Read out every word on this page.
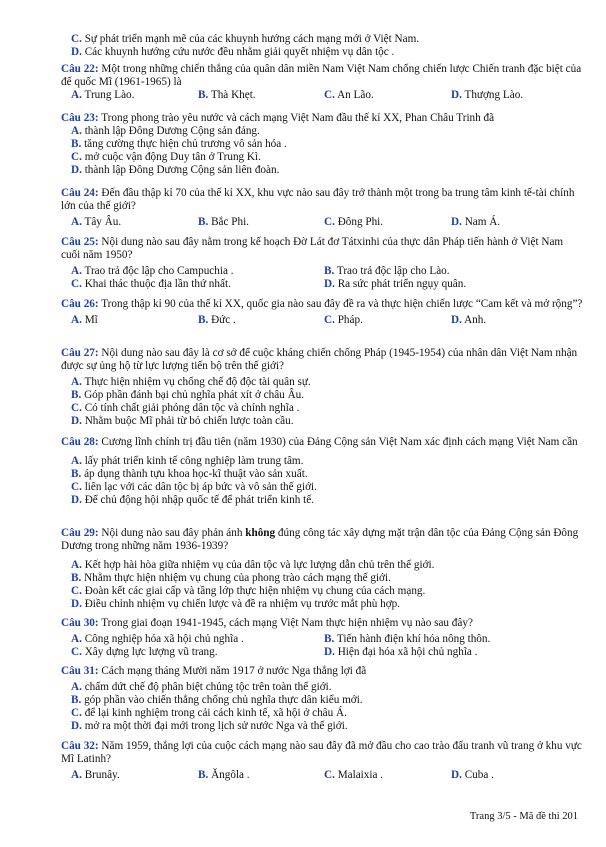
C. Sự phát triển mạnh mẽ của các khuynh hướng cách mạng mới ở Việt Nam.
D. Các khuynh hướng cứu nước đều nhằm giải quyết nhiệm vụ dân tộc .

Câu 22: Một trong những chiến thắng của quân dân miền Nam Việt Nam chống chiến lược Chiến tranh đặc biệt của đế quốc Mĩ (1961-1965) là

A. Trung Lào.	B. Thà Khẹt.	C. An Lão.	D. Thượng Lào.

Câu 23: Trong phong trào yêu nước và cách mạng Việt Nam đầu thế kỉ XX, Phan Châu Trinh đã

A. thành lập Đông Dương Cộng sản đảng.
B. tăng cường thực hiện chủ trương vô sản hóa .
C. mở cuộc vận động Duy tân ở Trung Kì.
D. thành lập Đông Dương Cộng sản liên đoàn.

Câu 24: Đến đầu thập kỉ 70 của thế kỉ XX, khu vực nào sau đây trở thành một trong ba trung tâm kinh tế-tài chính lớn của thế giới?

A. Tây Âu.	B. Bắc Phi.	C. Đông Phi.	D. Nam Á.

Câu 25: Nội dung nào sau đây nằm trong kế hoạch Đờ Lát đơ Tátxinhi của thực dân Pháp tiến hành ở Việt Nam cuối năm 1950?

A. Trao trả độc lập cho Campuchia .	B. Trao trả độc lập cho Lào.
C. Khai thác thuộc địa lần thứ nhất.	D. Ra sức phát triển ngụy quân.

Câu 26: Trong thập kỉ 90 của thế kỉ XX, quốc gia nào sau đây đề ra và thực hiện chiến lược “Cam kết và mở rộng”?

A. Mĩ	B. Đức .	C. Pháp.	D. Anh.

Câu 27: Nội dung nào sau đây là cơ sở để cuộc kháng chiến chống Pháp (1945-1954) của nhân dân Việt Nam nhận được sự ủng hộ từ lực lượng tiến bộ trên thế giới?

A. Thực hiện nhiệm vụ chống chế độ độc tài quân sự.
B. Góp phần đánh bại chủ nghĩa phát xít ở châu Âu.
C. Có tính chất giải phóng dân tộc và chính nghĩa .
D. Nhằm buộc Mĩ phải từ bỏ chiến lược toàn cầu.

Câu 28: Cương lĩnh chính trị đầu tiên (năm 1930) của Đảng Cộng sản Việt Nam xác định cách mạng Việt Nam cần

A. lấy phát triển kinh tế công nghiệp làm trung tâm.
B. áp dụng thành tựu khoa học-kĩ thuật vào sản xuất.
C. liên lạc với các dân tộc bị áp bức và vô sản thế giới.
D. Để chủ động hội nhập quốc tế để phát triển kinh tế.

Câu 29: Nội dung nào sau đây phản ánh không đúng công tác xây dựng mặt trận dân tộc của Đảng Cộng sản Đông Dương trong những năm 1936-1939?

A. Kết hợp hài hòa giữa nhiệm vụ của dân tộc và lực lượng dẫn chủ trên thế giới.
B. Nhằm thực hiện nhiệm vụ chung của phong trào cách mạng thế giới.
C. Đoàn kết các giai cấp và tầng lớp thực hiện nhiệm vụ chung của cách mạng.
D. Điều chỉnh nhiệm vụ chiến lược và đề ra nhiệm vụ trước mắt phù hợp.

Câu 30: Trong giai đoạn 1941-1945, cách mạng Việt Nam thực hiện nhiệm vụ nào sau đây?

A. Công nghiệp hóa xã hội chủ nghĩa .	B. Tiến hành điện khí hóa nông thôn.
C. Xây dựng lực lượng vũ trang.	D. Hiện đại hóa xã hội chủ nghĩa .

Câu 31: Cách mạng tháng Mười năm 1917 ở nước Nga thắng lợi đã

A. chấm dứt chế độ phân biệt chủng tộc trên toàn thế giới.
B. góp phần vào chiến thắng chống chủ nghĩa thực dân kiểu mới.
C. để lại kinh nghiệm trong cải cách kinh tế, xã hội ở châu Á.
D. mở ra một thời đại mới trong lịch sử nước Nga và thế giới.

Câu 32: Năm 1959, thắng lợi của cuộc cách mạng nào sau đây đã mở đầu cho cao trào đấu tranh vũ trang ở khu vực Mĩ Latinh?

A. Brunây.	B. Ăngôla .	C. Malaixia .	D. Cuba .
Trang 3/5 - Mã đề thi 201
